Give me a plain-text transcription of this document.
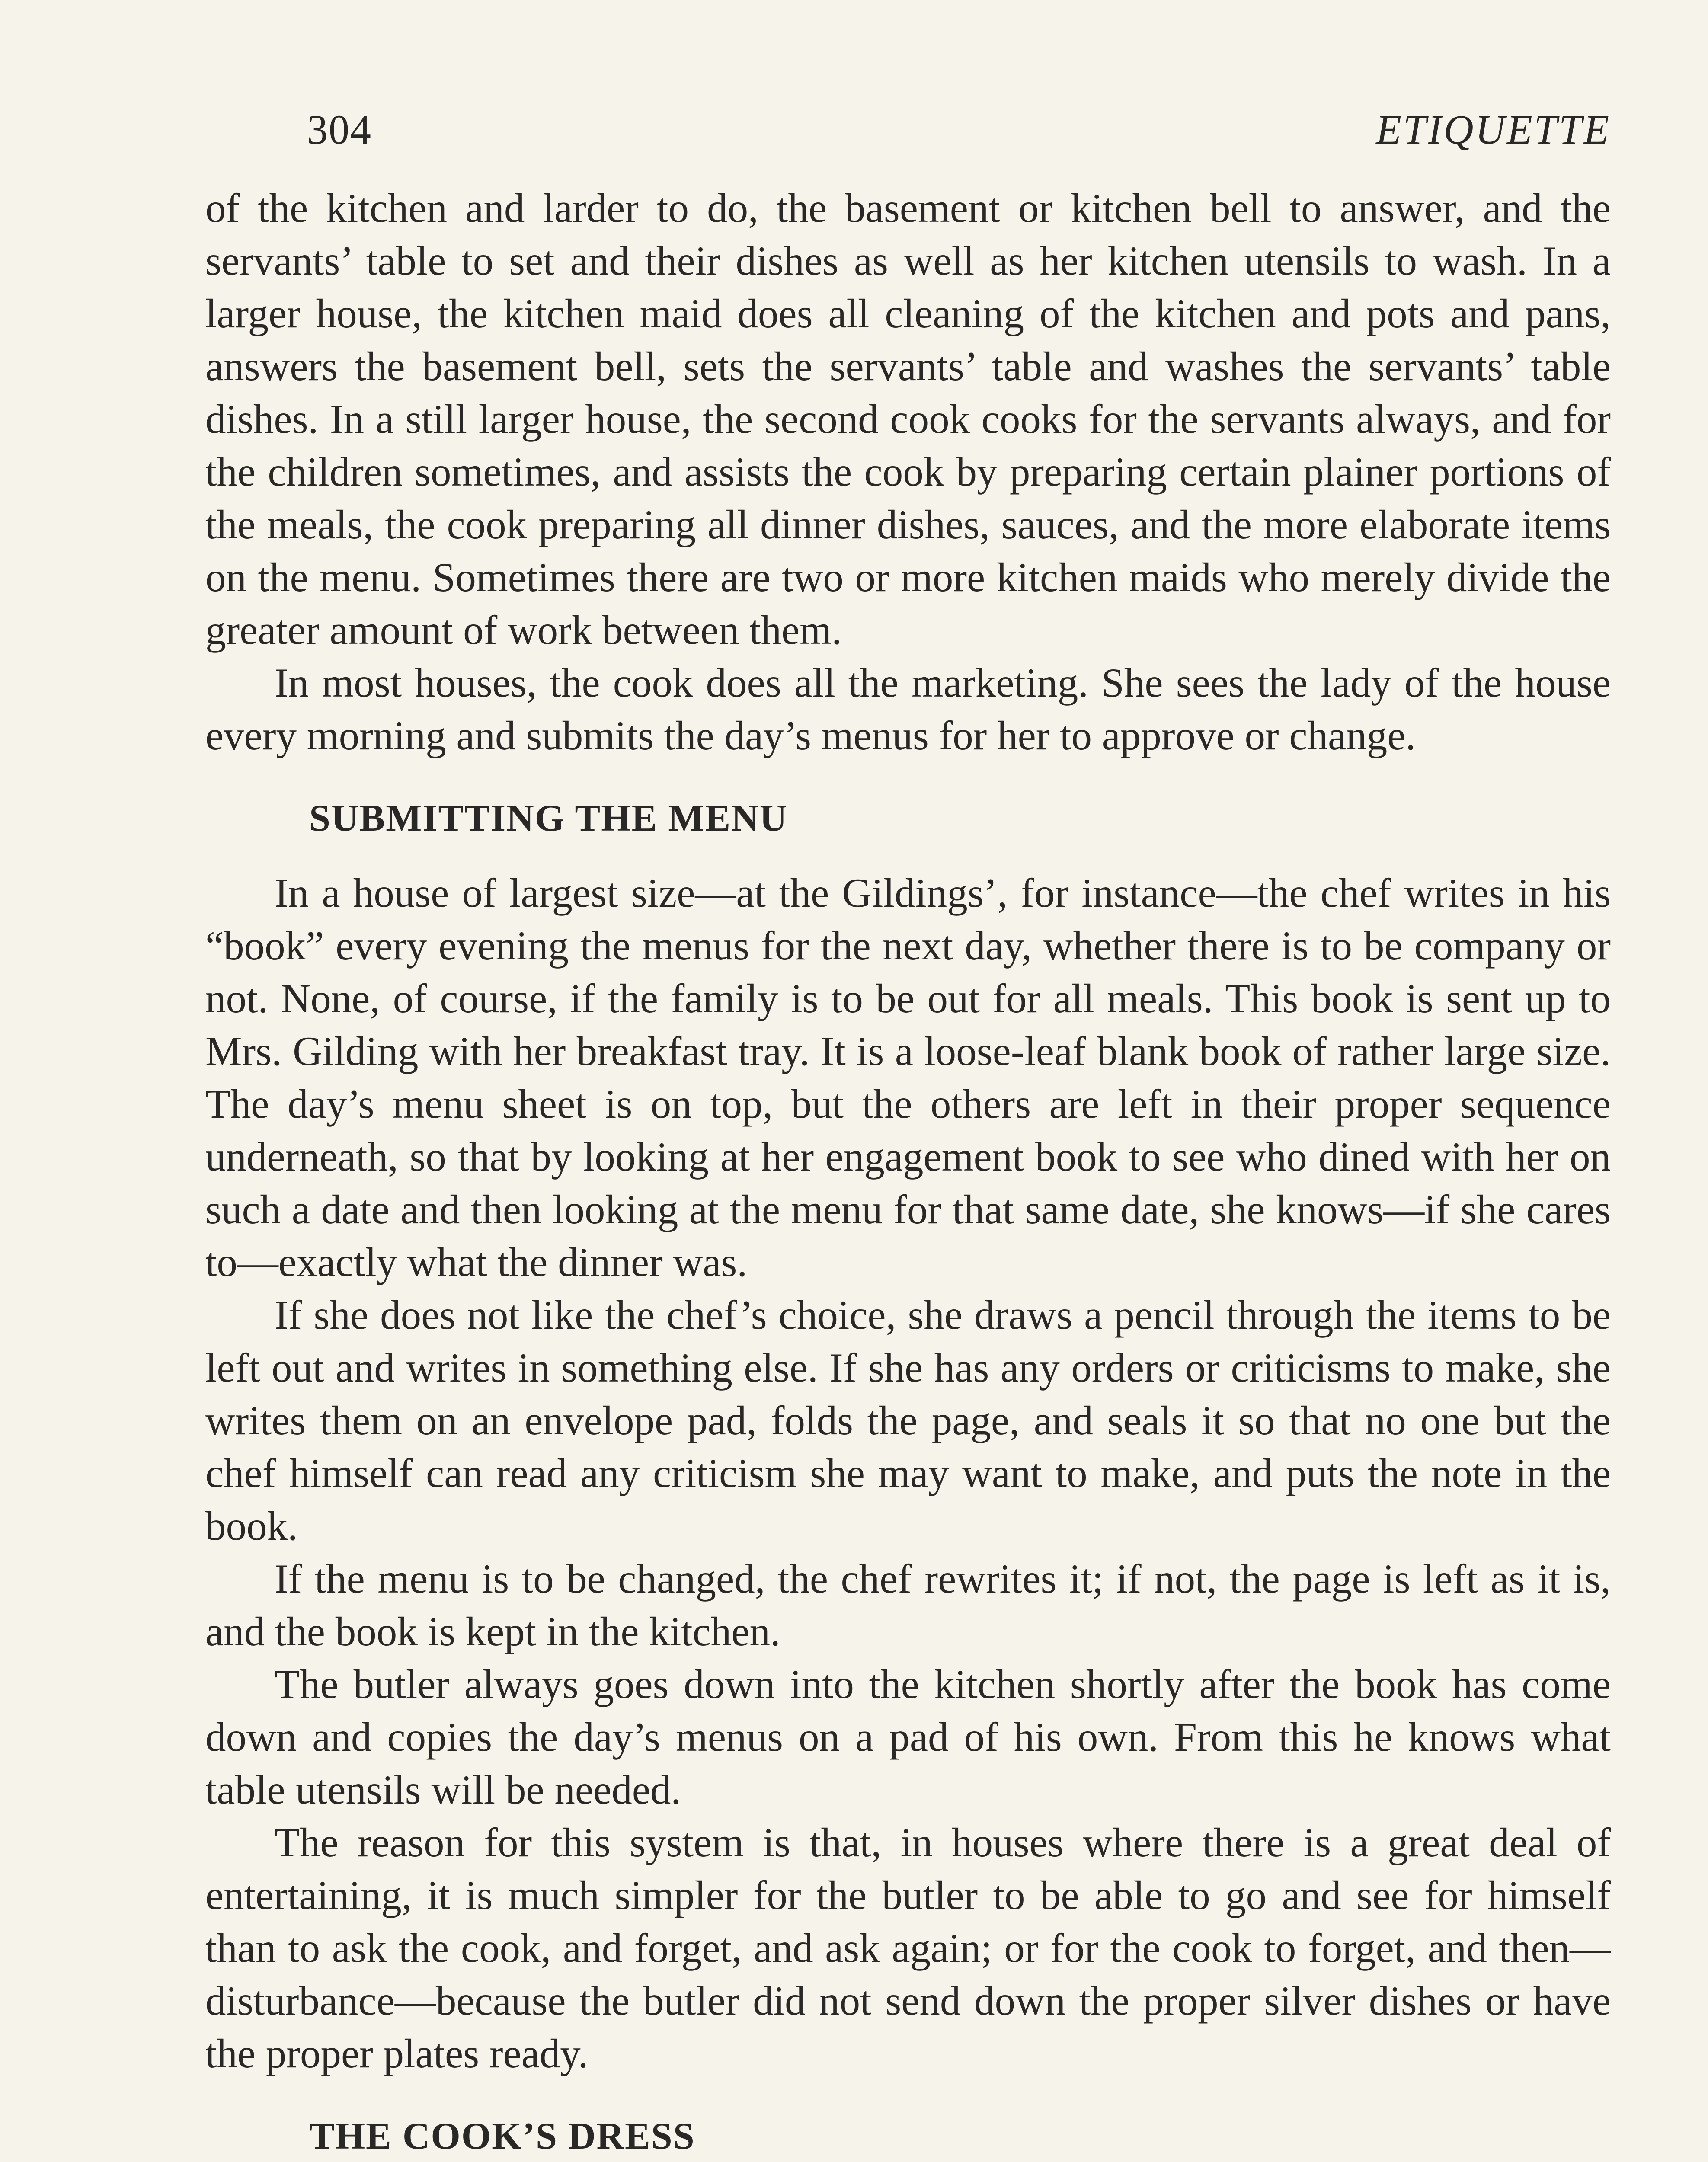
304	ETIQUETTE

of the kitchen and larder to do, the basement or kitchen bell to answer, and the servants’ table to set and their dishes as well as her kitchen utensils to wash. In a larger house, the kitchen maid does all cleaning of the kitchen and pots and pans, answers the basement bell, sets the servants’ table and washes the servants’ table dishes. In a still larger house, the second cook cooks for the servants always, and for the children sometimes, and assists the cook by preparing certain plainer portions of the meals, the cook preparing all dinner dishes, sauces, and the more elaborate items on the menu. Sometimes there are two or more kitchen maids who merely divide the greater amount of work between them.

In most houses, the cook does all the marketing. She sees the lady of the house every morning and submits the day’s menus for her to approve or change.

SUBMITTING THE MENU

In a house of largest size—at the Gildings’, for instance—the chef writes in his “book” every evening the menus for the next day, whether there is to be company or not. None, of course, if the family is to be out for all meals. This book is sent up to Mrs. Gilding with her breakfast tray. It is a loose-leaf blank book of rather large size. The day’s menu sheet is on top, but the others are left in their proper sequence underneath, so that by looking at her engagement book to see who dined with her on such a date and then looking at the menu for that same date, she knows—if she cares to—exactly what the dinner was.

If she does not like the chef’s choice, she draws a pencil through the items to be left out and writes in something else. If she has any orders or criticisms to make, she writes them on an envelope pad, folds the page, and seals it so that no one but the chef himself can read any criticism she may want to make, and puts the note in the book.

If the menu is to be changed, the chef rewrites it; if not, the page is left as it is, and the book is kept in the kitchen.

The butler always goes down into the kitchen shortly after the book has come down and copies the day’s menus on a pad of his own. From this he knows what table utensils will be needed.

The reason for this system is that, in houses where there is a great deal of entertaining, it is much simpler for the butler to be able to go and see for himself than to ask the cook, and forget, and ask again; or for the cook to forget, and then—disturbance—because the butler did not send down the proper silver dishes or have the proper plates ready.

THE COOK’S DRESS
